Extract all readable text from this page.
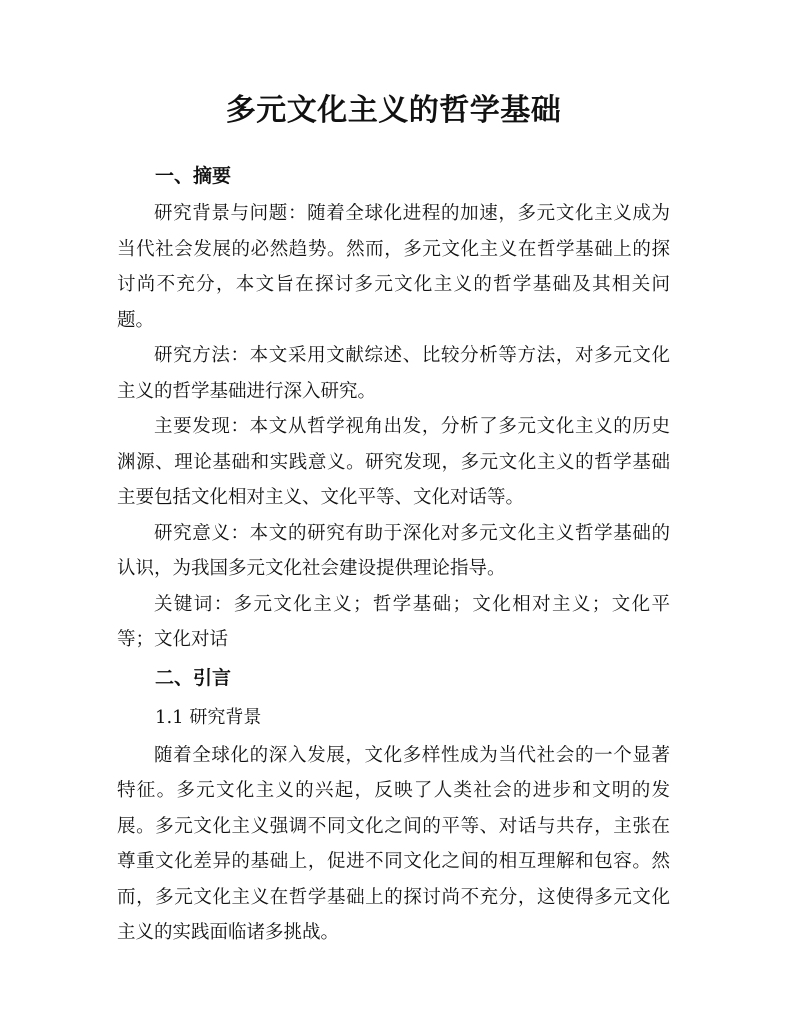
多元文化主义的哲学基础
一、摘要

研究背景与问题：随着全球化进程的加速，多元文化主义成为当代社会发展的必然趋势。然而，多元文化主义在哲学基础上的探讨尚不充分，本文旨在探讨多元文化主义的哲学基础及其相关问题。

研究方法：本文采用文献综述、比较分析等方法，对多元文化主义的哲学基础进行深入研究。

主要发现：本文从哲学视角出发，分析了多元文化主义的历史渊源、理论基础和实践意义。研究发现，多元文化主义的哲学基础主要包括文化相对主义、文化平等、文化对话等。

研究意义：本文的研究有助于深化对多元文化主义哲学基础的认识，为我国多元文化社会建设提供理论指导。

关键词：多元文化主义；哲学基础；文化相对主义；文化平等；文化对话

二、引言

1.1 研究背景

随着全球化的深入发展，文化多样性成为当代社会的一个显著特征。多元文化主义的兴起，反映了人类社会的进步和文明的发展。多元文化主义强调不同文化之间的平等、对话与共存，主张在尊重文化差异的基础上，促进不同文化之间的相互理解和包容。然而，多元文化主义在哲学基础上的探讨尚不充分，这使得多元文化主义的实践面临诸多挑战。
